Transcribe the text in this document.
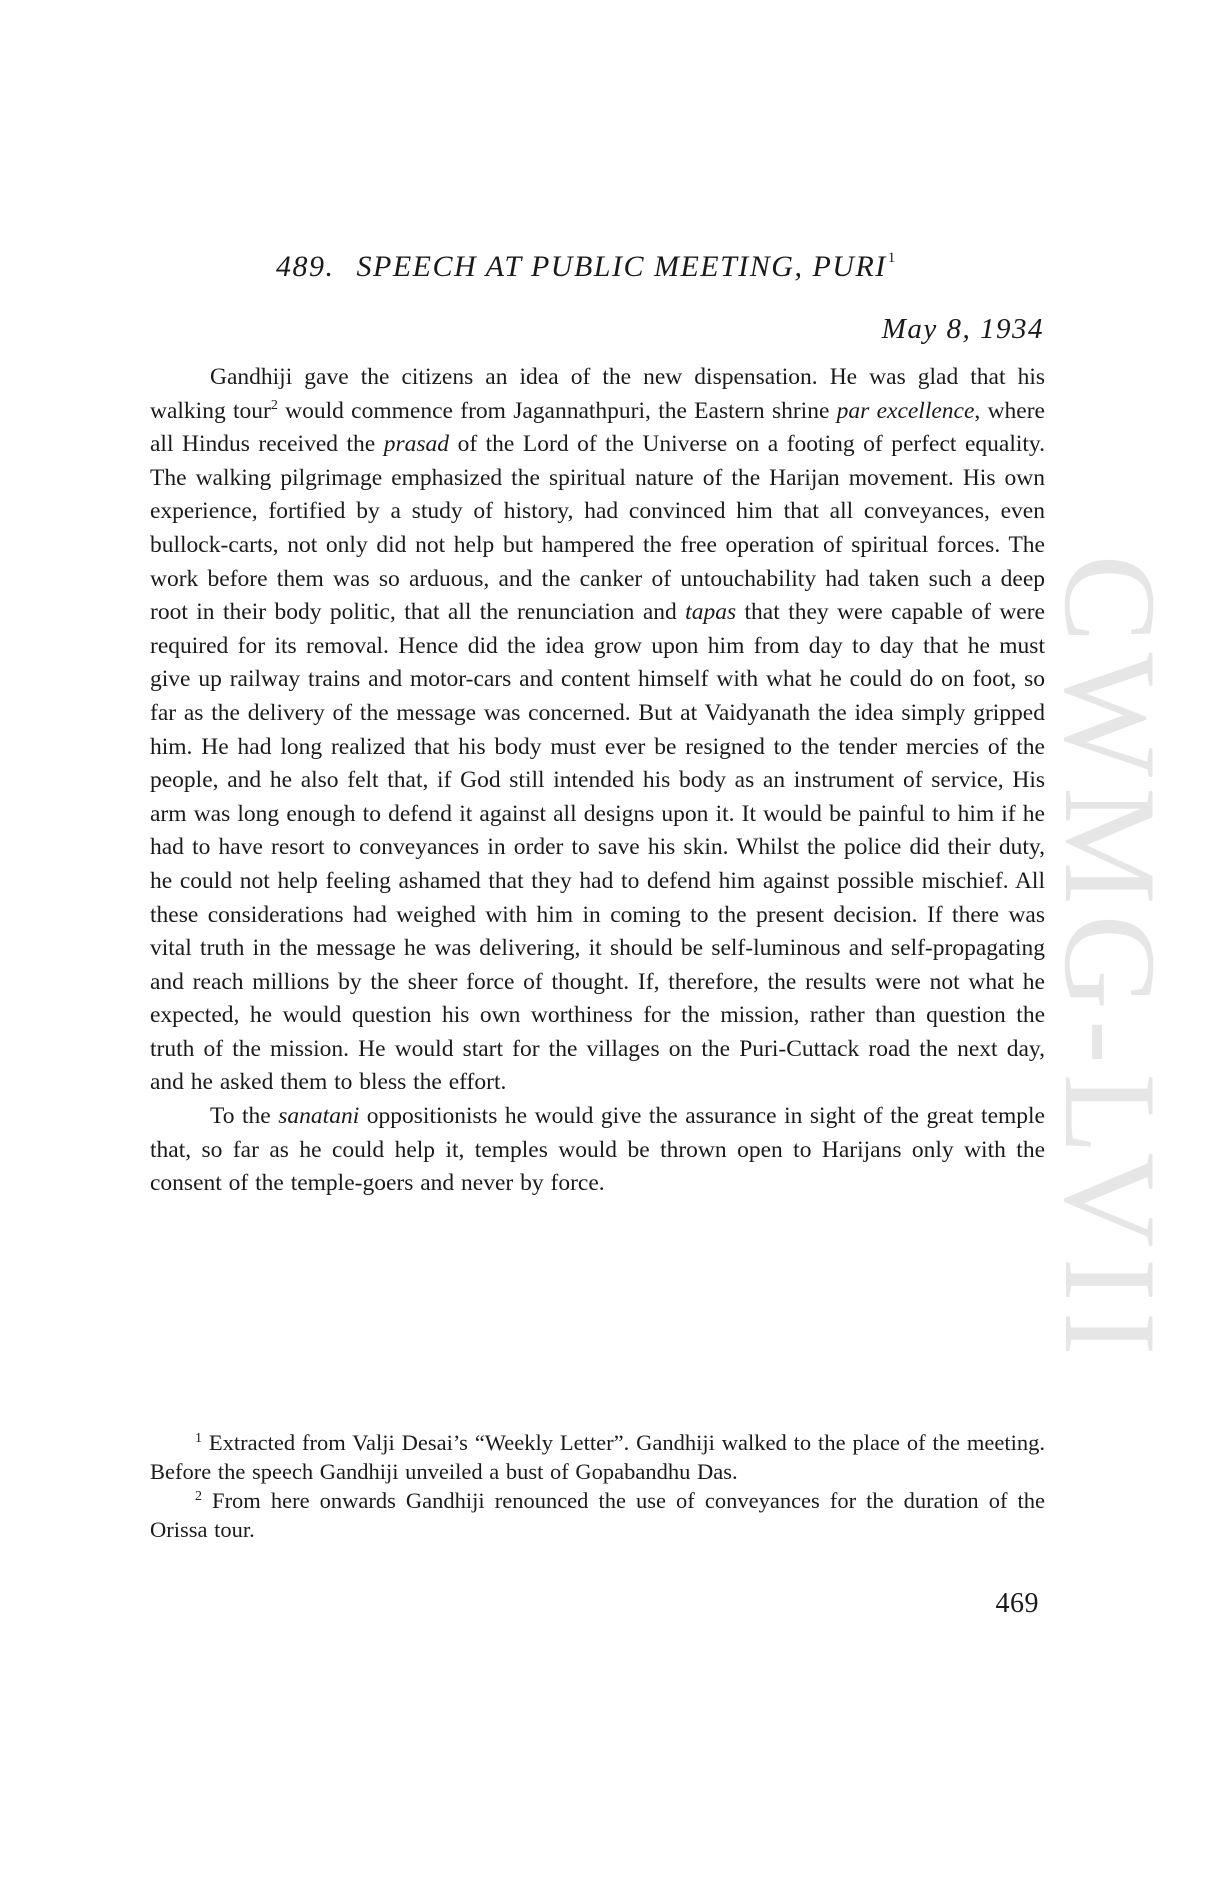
CWMG-LVII
489. SPEECH AT PUBLIC MEETING, PURI$^1$
May 8, 1934

Gandhiji gave the citizens an idea of the new dispensation. He was glad that his walking tour$^2$ would commence from Jagannathpuri, the Eastern shrine par excellence, where all Hindus received the prasad of the Lord of the Universe on a footing of perfect equality. The walking pilgrimage emphasized the spiritual nature of the Harijan movement. His own experience, fortified by a study of history, had convinced him that all conveyances, even bullock-carts, not only did not help but hampered the free operation of spiritual forces. The work before them was so arduous, and the canker of untouchability had taken such a deep root in their body politic, that all the renunciation and tapas that they were capable of were required for its removal. Hence did the idea grow upon him from day to day that he must give up railway trains and motor-cars and content himself with what he could do on foot, so far as the delivery of the message was concerned. But at Vaidyanath the idea simply gripped him. He had long realized that his body must ever be resigned to the tender mercies of the people, and he also felt that, if God still intended his body as an instrument of service, His arm was long enough to defend it against all designs upon it. It would be painful to him if he had to have resort to conveyances in order to save his skin. Whilst the police did their duty, he could not help feeling ashamed that they had to defend him against possible mischief. All these considerations had weighed with him in coming to the present decision. If there was vital truth in the message he was delivering, it should be self-luminous and self-propagating and reach millions by the sheer force of thought. If, therefore, the results were not what he expected, he would question his own worthiness for the mission, rather than question the truth of the mission. He would start for the villages on the Puri-Cuttack road the next day, and he asked them to bless the effort.

To the sanatani oppositionists he would give the assurance in sight of the great temple that, so far as he could help it, temples would be thrown open to Harijans only with the consent of the temple-goers and never by force.

$^1$ Extracted from Valji Desai’s “Weekly Letter”. Gandhiji walked to the place of the meeting. Before the speech Gandhiji unveiled a bust of Gopabandhu Das.

$^2$ From here onwards Gandhiji renounced the use of conveyances for the duration of the Orissa tour.

469
